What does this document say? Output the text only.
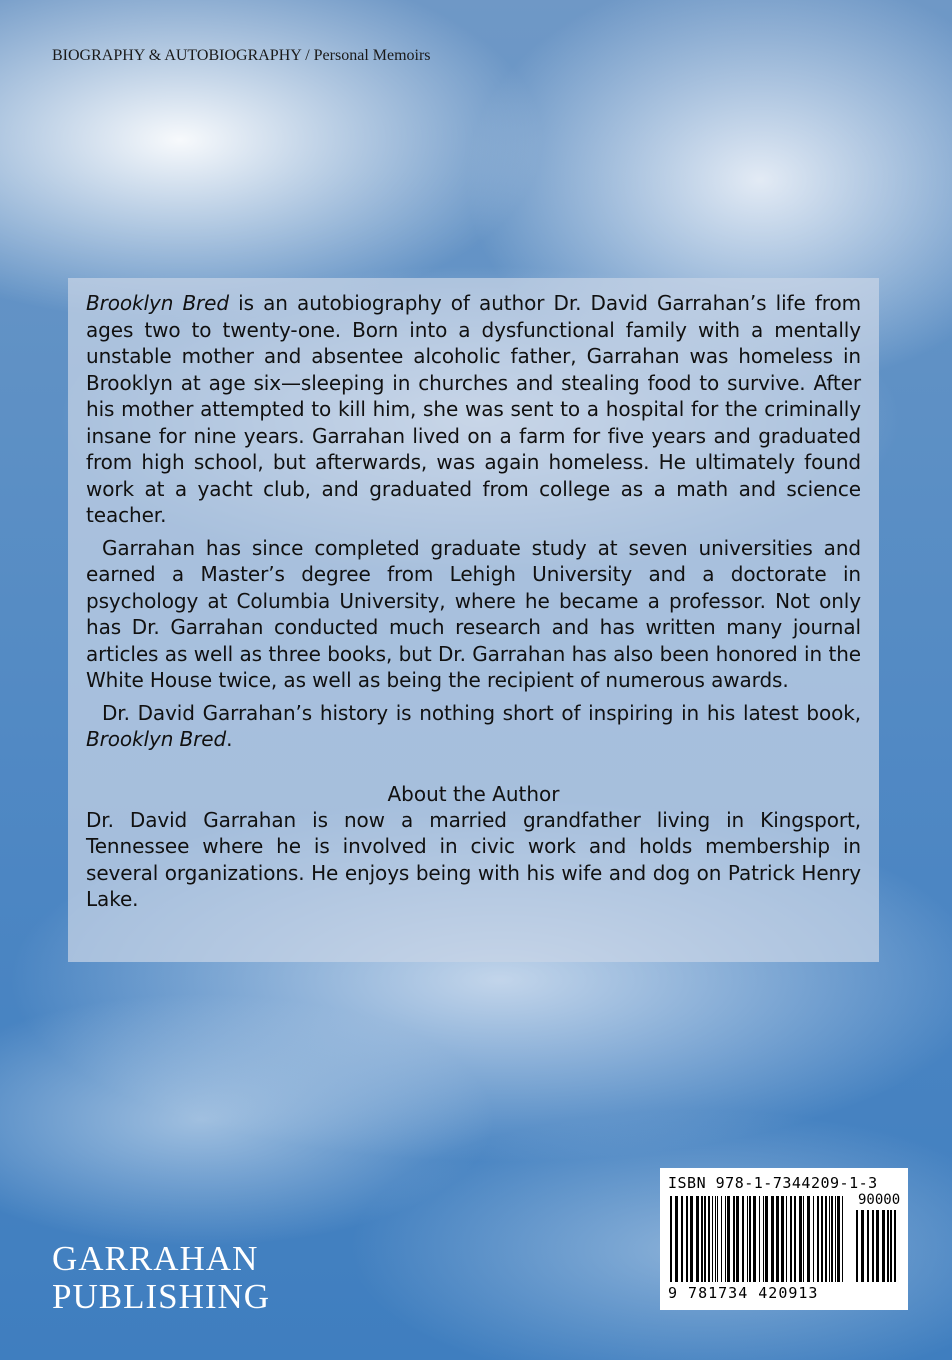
BIOGRAPHY & AUTOBIOGRAPHY / Personal Memoirs

Brooklyn Bred is an autobiography of author Dr. David Garrahan’s life from ages two to twenty-one. Born into a dysfunctional family with a mentally unstable mother and absentee alcoholic father, Garrahan was homeless in Brooklyn at age six—sleeping in churches and stealing food to survive. After his mother attempted to kill him, she was sent to a hospital for the criminally insane for nine years. Garrahan lived on a farm for five years and graduated from high school, but afterwards, was again homeless. He ultimately found work at a yacht club, and graduated from college as a math and science teacher.

Garrahan has since completed graduate study at seven universities and earned a Master’s degree from Lehigh University and a doctorate in psychology at Columbia University, where he became a professor. Not only has Dr. Garrahan conducted much research and has written many journal articles as well as three books, but Dr. Garrahan has also been honored in the White House twice, as well as being the recipient of numerous awards.

Dr. David Garrahan’s history is nothing short of inspiring in his latest book, Brooklyn Bred.

About the Author

Dr. David Garrahan is now a married grandfather living in Kingsport, Tennessee where he is involved in civic work and holds membership in several organizations. He enjoys being with his wife and dog on Patrick Henry Lake.

GARRAHAN
PUBLISHING
ISBN 978-1-7344209-1-3
90000
9 781734 420913
